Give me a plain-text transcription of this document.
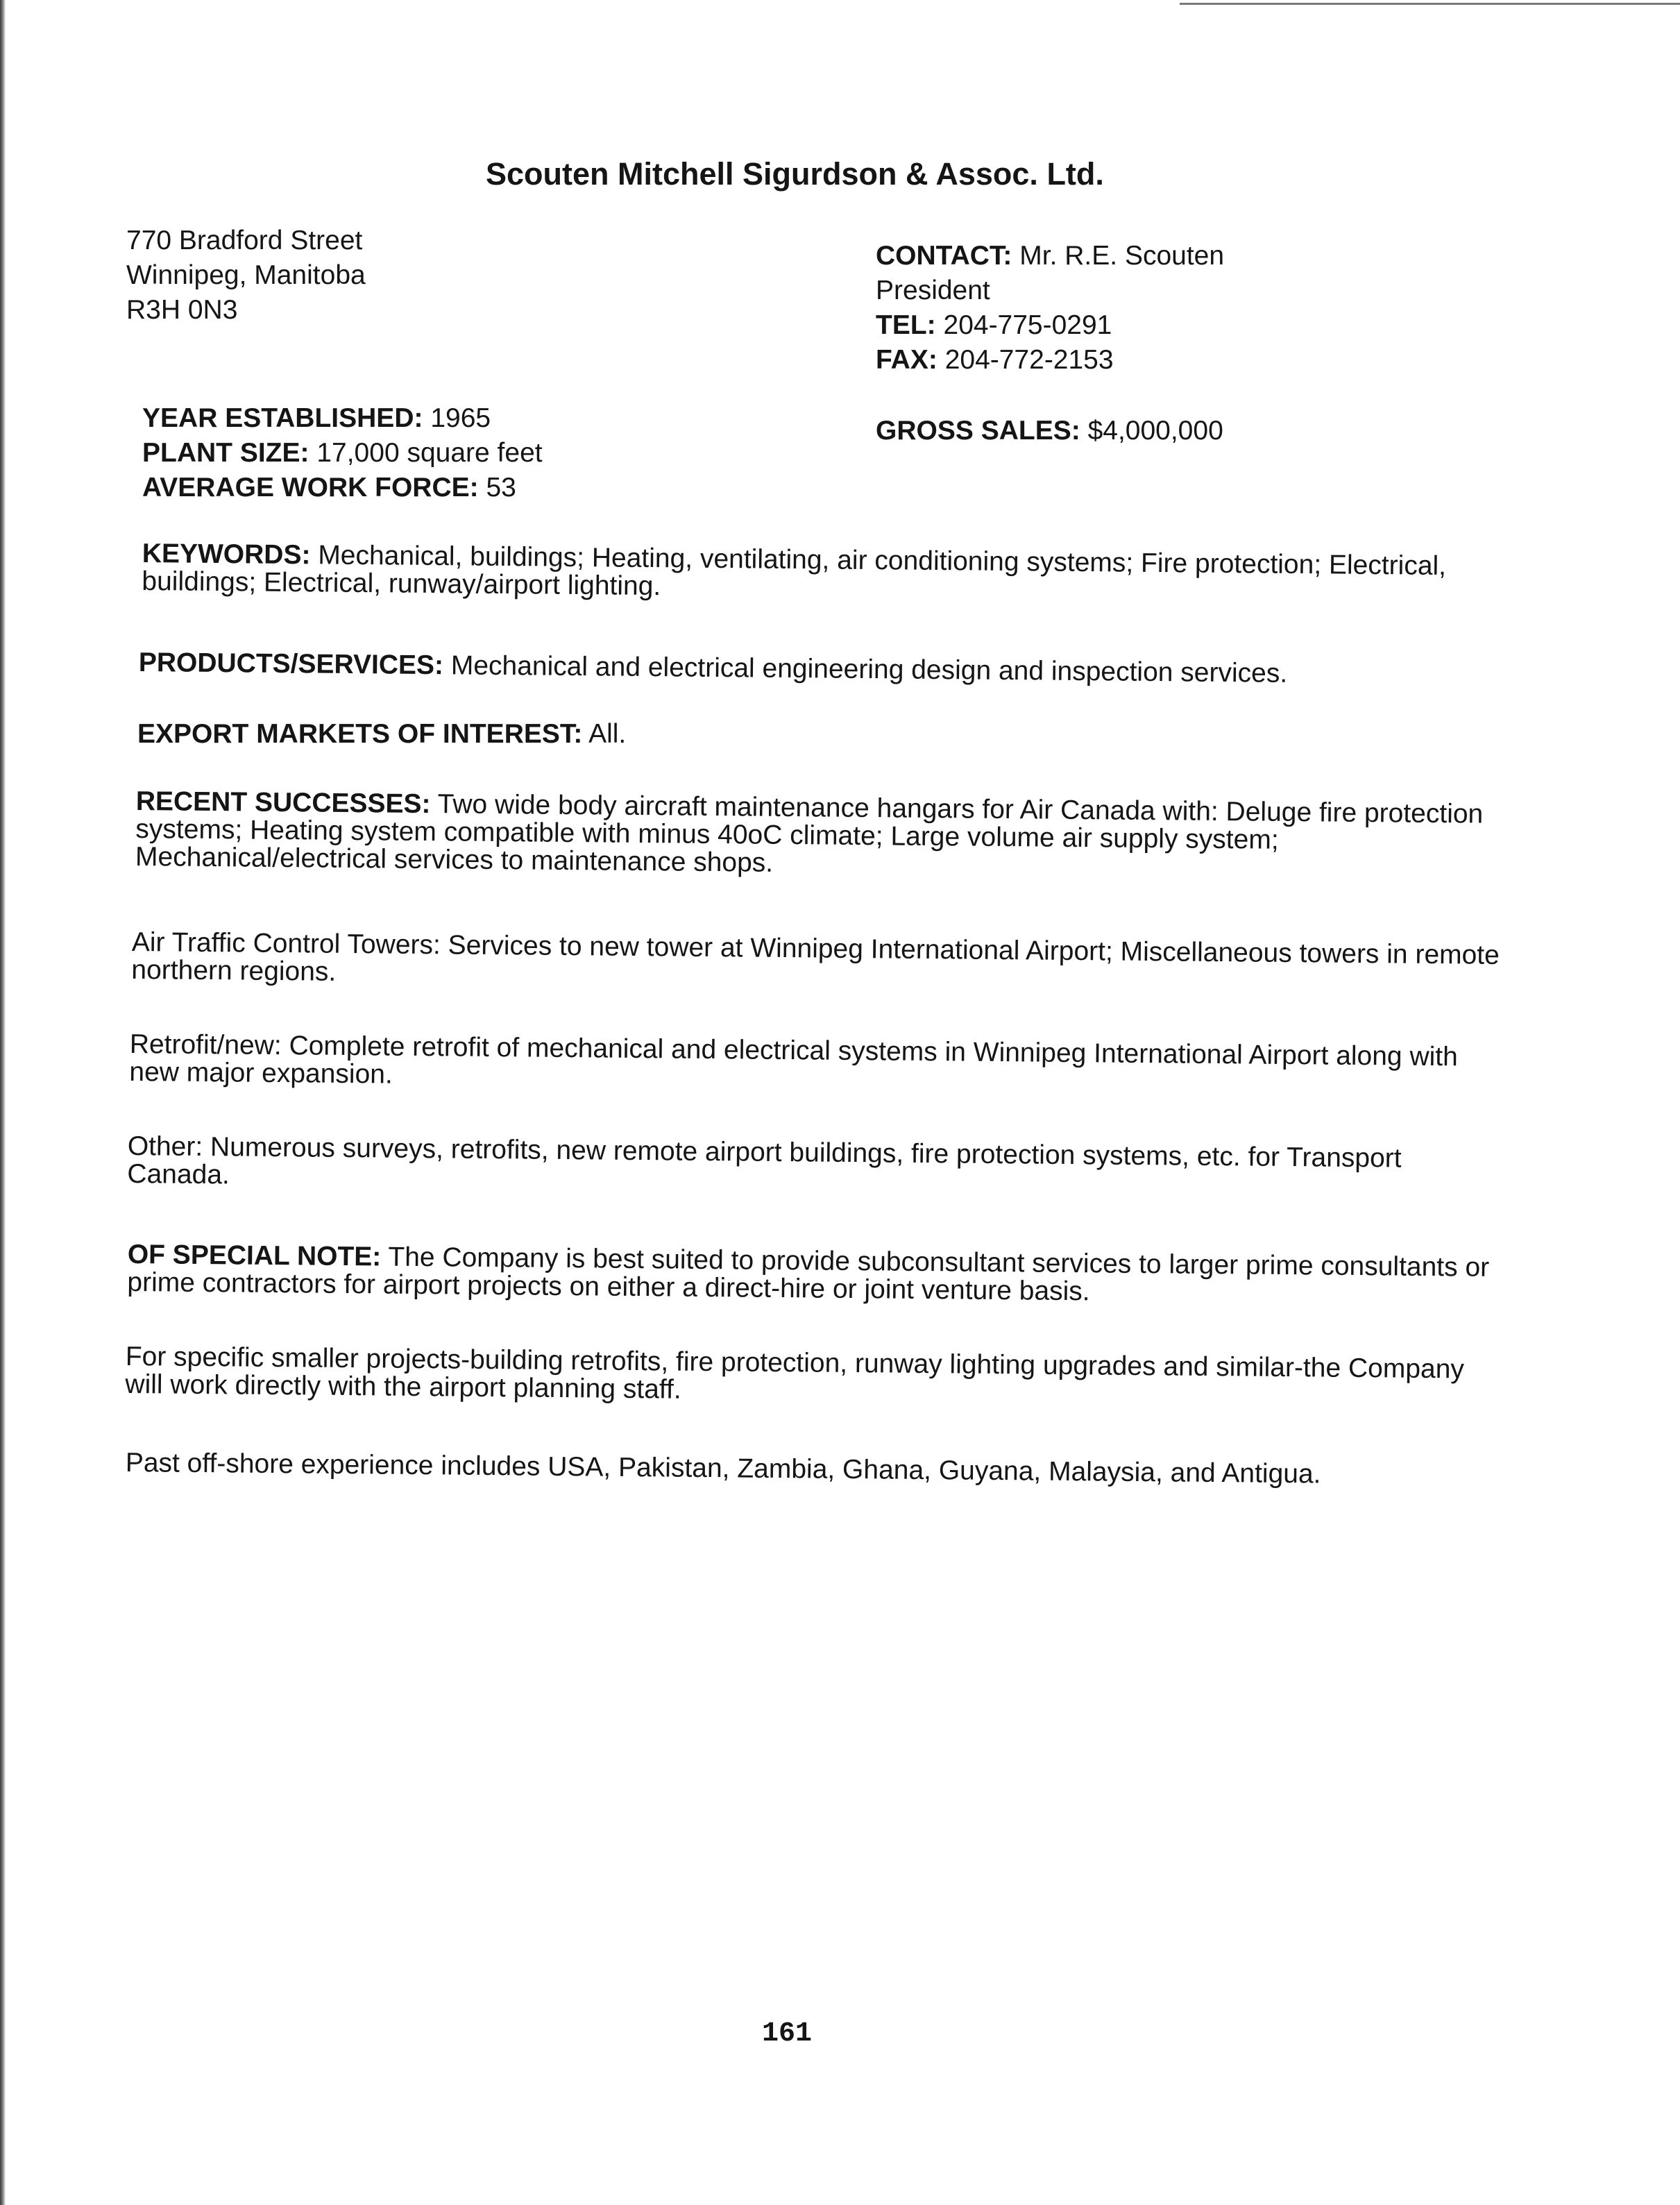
Scouten Mitchell Sigurdson & Assoc. Ltd.
770 Bradford Street
Winnipeg, Manitoba
R3H 0N3
CONTACT: Mr. R.E. Scouten
President
TEL: 204-775-0291
FAX: 204-772-2153
YEAR ESTABLISHED: 1965
PLANT SIZE: 17,000 square feet
AVERAGE WORK FORCE: 53
GROSS SALES: $4,000,000
KEYWORDS: Mechanical, buildings; Heating, ventilating, air conditioning systems; Fire protection; Electrical, buildings; Electrical, runway/airport lighting.
PRODUCTS/SERVICES: Mechanical and electrical engineering design and inspection services.
EXPORT MARKETS OF INTEREST: All.
RECENT SUCCESSES: Two wide body aircraft maintenance hangars for Air Canada with: Deluge fire protection systems; Heating system compatible with minus 40oC climate; Large volume air supply system; Mechanical/electrical services to maintenance shops.
Air Traffic Control Towers: Services to new tower at Winnipeg International Airport; Miscellaneous towers in remote northern regions.
Retrofit/new: Complete retrofit of mechanical and electrical systems in Winnipeg International Airport along with new major expansion.
Other: Numerous surveys, retrofits, new remote airport buildings, fire protection systems, etc. for Transport Canada.
OF SPECIAL NOTE: The Company is best suited to provide subconsultant services to larger prime consultants or prime contractors for airport projects on either a direct-hire or joint venture basis.
For specific smaller projects-building retrofits, fire protection, runway lighting upgrades and similar-the Company will work directly with the airport planning staff.
Past off-shore experience includes USA, Pakistan, Zambia, Ghana, Guyana, Malaysia, and Antigua.
161
